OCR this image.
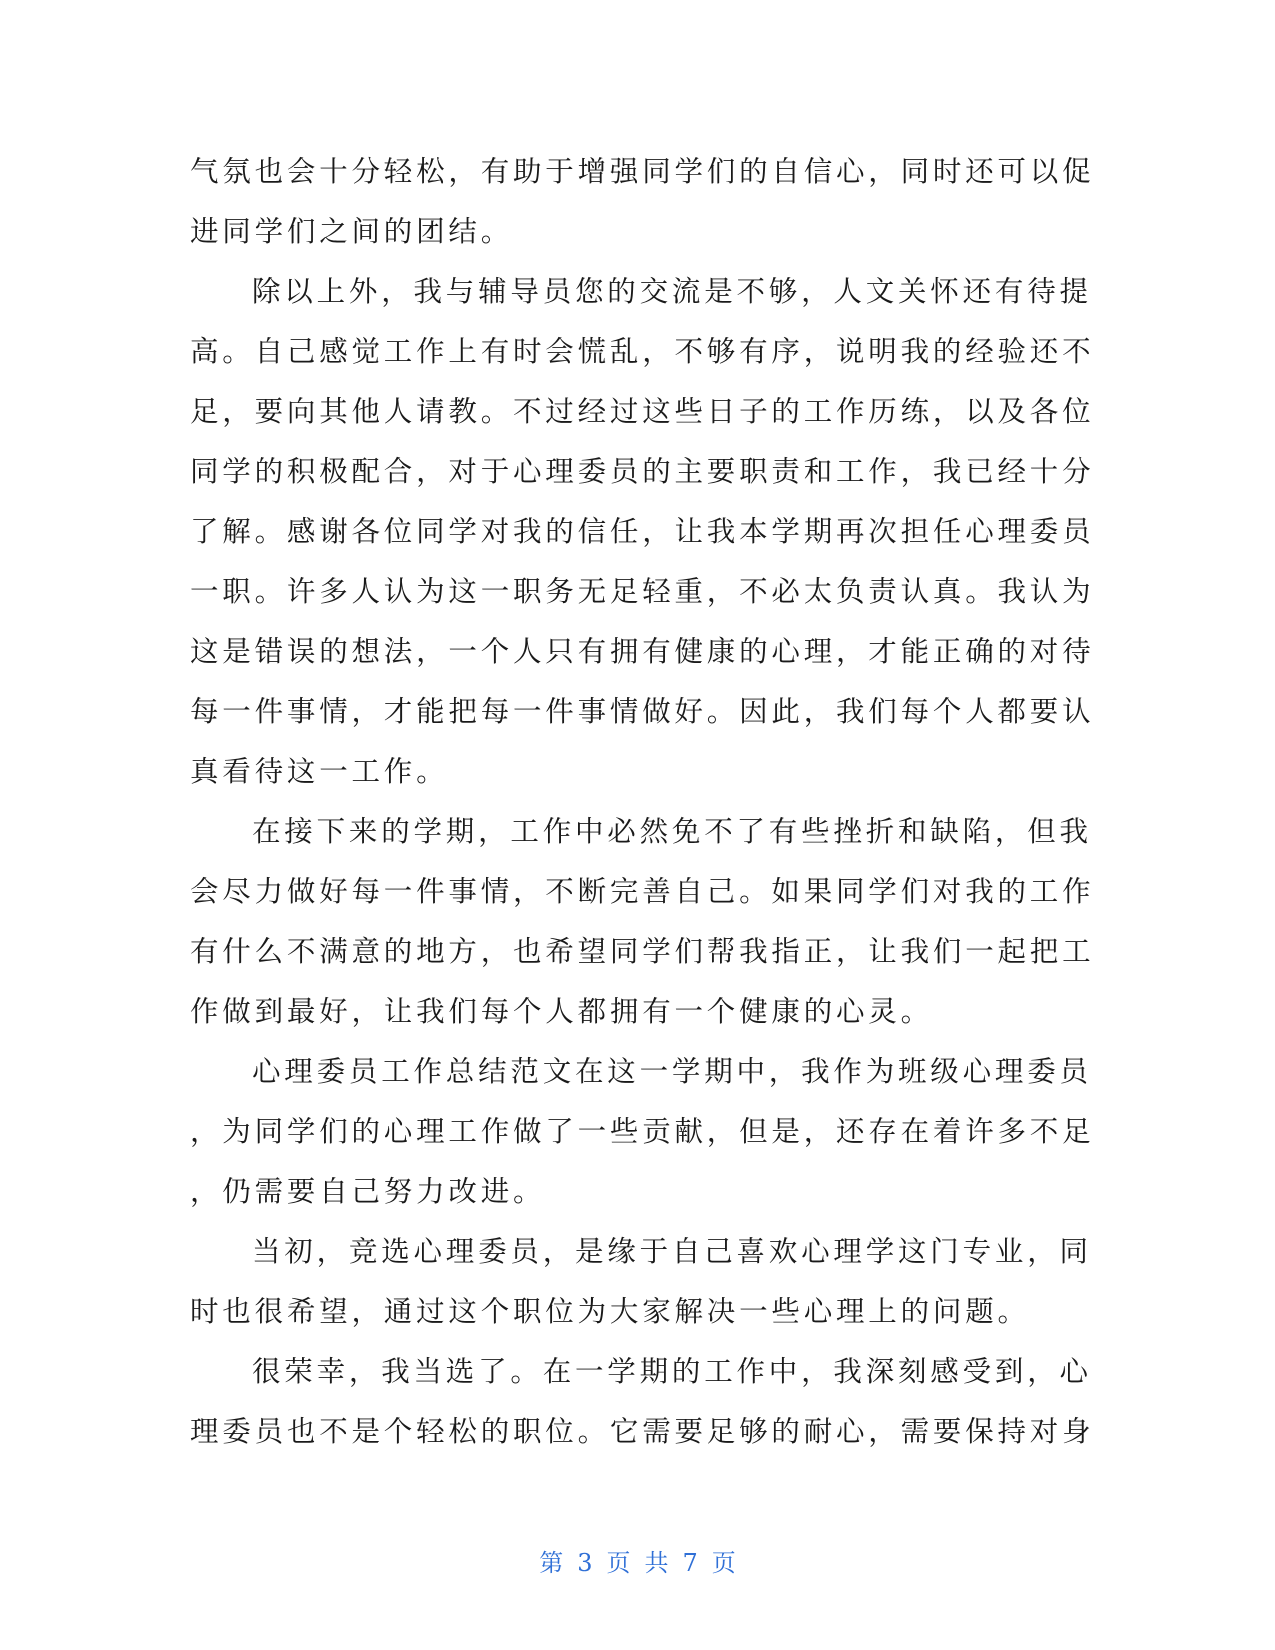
气氛也会十分轻松，有助于增强同学们的自信心，同时还可以促
进同学们之间的团结。
除以上外，我与辅导员您的交流是不够，人文关怀还有待提
高。自己感觉工作上有时会慌乱，不够有序，说明我的经验还不
足，要向其他人请教。不过经过这些日子的工作历练，以及各位
同学的积极配合，对于心理委员的主要职责和工作，我已经十分
了解。感谢各位同学对我的信任，让我本学期再次担任心理委员
一职。许多人认为这一职务无足轻重，不必太负责认真。我认为
这是错误的想法，一个人只有拥有健康的心理，才能正确的对待
每一件事情，才能把每一件事情做好。因此，我们每个人都要认
真看待这一工作。
在接下来的学期，工作中必然免不了有些挫折和缺陷，但我
会尽力做好每一件事情，不断完善自己。如果同学们对我的工作
有什么不满意的地方，也希望同学们帮我指正，让我们一起把工
作做到最好，让我们每个人都拥有一个健康的心灵。
心理委员工作总结范文在这一学期中，我作为班级心理委员
，为同学们的心理工作做了一些贡献，但是，还存在着许多不足
，仍需要自己努力改进。
当初，竞选心理委员，是缘于自己喜欢心理学这门专业，同
时也很希望，通过这个职位为大家解决一些心理上的问题。
很荣幸，我当选了。在一学期的工作中，我深刻感受到，心
理委员也不是个轻松的职位。它需要足够的耐心，需要保持对身
第 3 页 共 7 页
